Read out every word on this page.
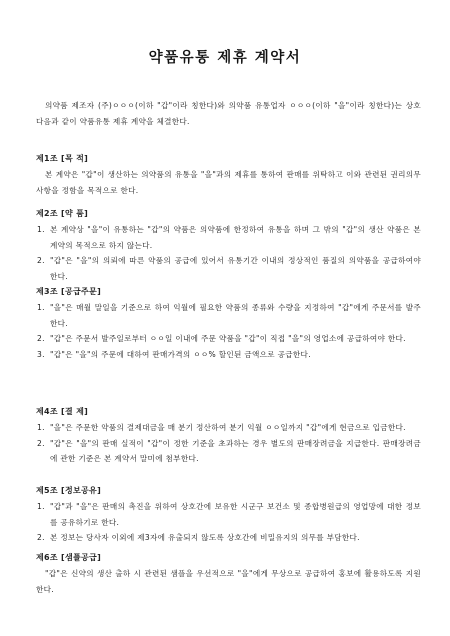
약품유통 제휴 계약서
의약품 제조자 (주)ㅇㅇㅇ(이하 "갑"이라 칭한다)와 의약품 유통업자 ㅇㅇㅇ(이하 "을"이라 칭한다)는 상호 다음과 같이 약품유통 제휴 계약을 체결한다.
제1조 [목 적]
본 계약은 "갑"이 생산하는 의약품의 유통을 "을"과의 제휴를 통하여 판매를 위탁하고 이와 관련된 권리의무 사항을 정함을 목적으로 한다.
제2조 [약 품]
1. 본 계약상 "을"이 유통하는 "갑"의 약품은 의약품에 한정하여 유통을 하며 그 밖의 "갑"의 생산 약품은 본 계약의 목적으로 하지 않는다.
2. "갑"은 "을"의 의뢰에 따른 약품의 공급에 있어서 유통기간 이내의 정상적인 품질의 의약품을 공급하여야 한다.
제3조 [공급주문]
1. "을"은 매월 말일을 기준으로 하여 익월에 필요한 약품의 종류와 수량을 지정하여 "갑"에게 주문서를 발주한다.
2. "갑"은 주문서 발주일로부터 ㅇㅇ일 이내에 주문 약품을 "갑"이 직접 "을"의 영업소에 공급하여야 한다.
3. "갑"은 "을"의 주문에 대하여 판매가격의 ㅇㅇ% 할인된 금액으로 공급한다.
제4조 [결 제]
1. "을"은 주문한 약품의 결제대금을 매 분기 정산하여 분기 익월 ㅇㅇ일까지 "갑"에게 현금으로 입금한다.
2. "갑"은 "을"의 판매 실적이 "갑"이 정한 기준을 초과하는 경우 별도의 판매장려금을 지급한다. 판매장려금에 관한 기준은 본 계약서 말미에 첨부한다.
제5조 [정보공유]
1. "갑"과 "을"은 판매의 촉진을 위하여 상호간에 보유한 시군구 보건소 및 종합병원급의 영업망에 대한 정보를 공유하기로 한다.
2. 본 정보는 당사자 이외에 제3자에 유출되지 않도록 상호간에 비밀유지의 의무를 부담한다.
제6조 [샘플공급]
"갑"은 신약의 생산 출하 시 관련된 샘플을 우선적으로 "을"에게 무상으로 공급하여 홍보에 활용하도록 지원한다.
